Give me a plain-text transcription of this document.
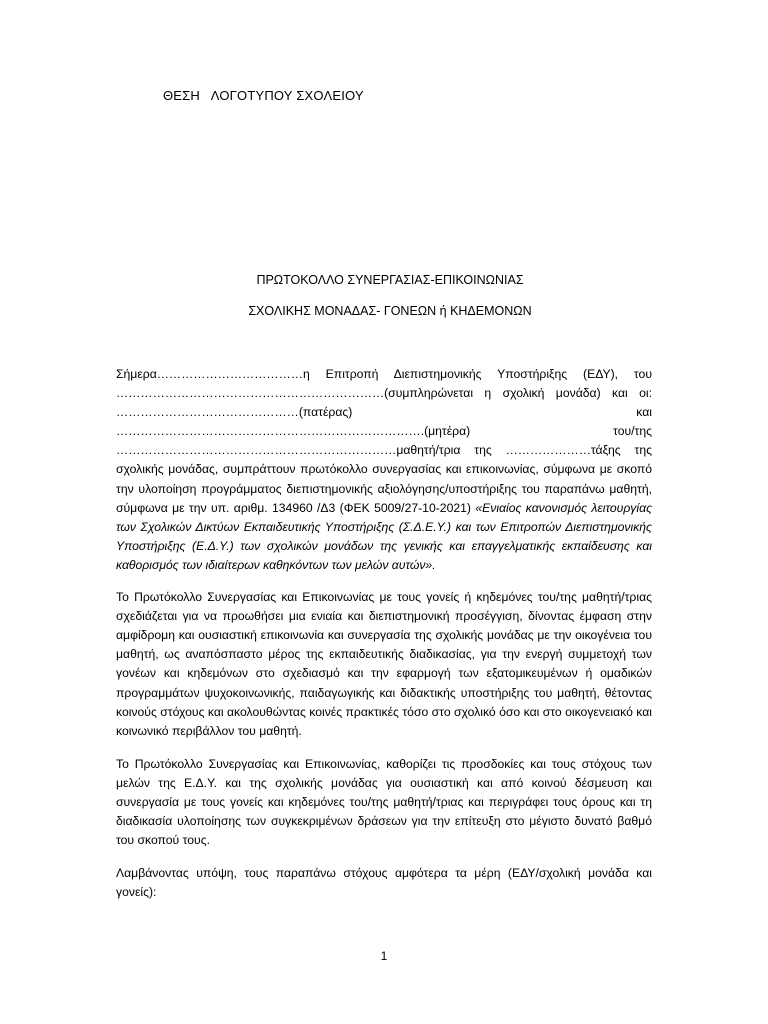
ΘΕΣΗ   ΛΟΓΟΤΥΠΟΥ ΣΧΟΛΕΙΟΥ
ΠΡΩΤΟΚΟΛΛΟ ΣΥΝΕΡΓΑΣΙΑΣ-ΕΠΙΚΟΙΝΩΝΙΑΣ
ΣΧΟΛΙΚΗΣ ΜΟΝΑΔΑΣ- ΓΟΝΕΩΝ ή ΚΗΔΕΜΟΝΩΝ

Σήμερα………………………………η Επιτροπή Διεπιστημονικής Υποστήριξης (ΕΔΥ), του …………………………………………………………(συμπληρώνεται η σχολική μονάδα) και οι: ………………………………………(πατέρας) και ………………………………………………………………….(μητέρα) του/της ……………………………………………………………μαθητή/τρια της …………………τάξης της σχολικής μονάδας, συμπράττουν πρωτόκολλο συνεργασίας και επικοινωνίας, σύμφωνα με σκοπό την υλοποίηση προγράμματος διεπιστημονικής αξιολόγησης/υποστήριξης του παραπάνω μαθητή, σύμφωνα με την υπ. αριθμ. 134960 /Δ3 (ΦΕΚ 5009/27-10-2021) «Ενιαίος κανονισμός λειτουργίας των Σχολικών Δικτύων Εκπαιδευτικής Υποστήριξης (Σ.Δ.Ε.Υ.) και των Επιτροπών Διεπιστημονικής Υποστήριξης (Ε.Δ.Υ.) των σχολικών μονάδων της γενικής και επαγγελματικής εκπαίδευσης και καθορισμός των ιδιαίτερων καθηκόντων των μελών αυτών».

Το Πρωτόκολλο Συνεργασίας και Επικοινωνίας με τους γονείς ή κηδεμόνες του/της μαθητή/τριας σχεδιάζεται για να προωθήσει μια ενιαία και διεπιστημονική προσέγγιση, δίνοντας έμφαση στην αμφίδρομη και ουσιαστική επικοινωνία και συνεργασία της σχολικής μονάδας με την οικογένεια του μαθητή, ως αναπόσπαστο μέρος της εκπαιδευτικής διαδικασίας, για την ενεργή συμμετοχή των γονέων και κηδεμόνων στο σχεδιασμό και την εφαρμογή των εξατομικευμένων ή ομαδικών προγραμμάτων ψυχοκοινωνικής, παιδαγωγικής και διδακτικής υποστήριξης του μαθητή, θέτοντας κοινούς στόχους και ακολουθώντας κοινές πρακτικές τόσο στο σχολικό όσο και στο οικογενειακό και κοινωνικό περιβάλλον του μαθητή.

Το Πρωτόκολλο Συνεργασίας και Επικοινωνίας, καθορίζει τις προσδοκίες και τους στόχους των μελών της Ε.Δ.Υ. και της σχολικής μονάδας για ουσιαστική και από κοινού δέσμευση και συνεργασία με τους γονείς και κηδεμόνες του/της μαθητή/τριας και περιγράφει τους όρους και τη διαδικασία υλοποίησης των συγκεκριμένων δράσεων για την επίτευξη στο μέγιστο δυνατό βαθμό του σκοπού τους.

Λαμβάνοντας υπόψη, τους παραπάνω στόχους αμφότερα τα μέρη (ΕΔΥ/σχολική μονάδα και γονείς):

1
